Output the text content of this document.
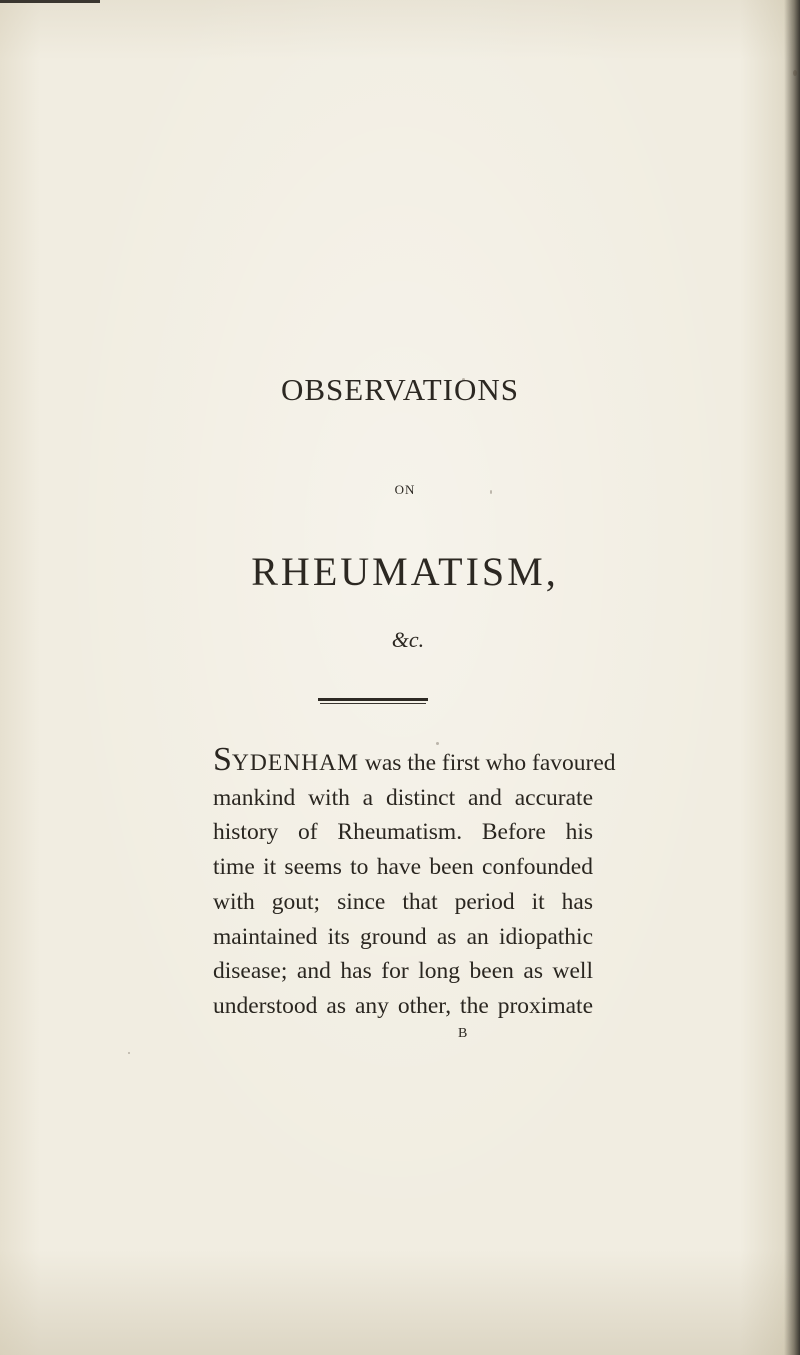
OBSERVATIONS
ON
RHEUMATISM,
&c.
SYDENHAM was the first who favoured
mankind with a distinct and accurate
history of Rheumatism. Before his
time it seems to have been confounded
with gout; since that period it has
maintained its ground as an idiopathic
disease; and has for long been as well
understood as any other, the proximate
B
